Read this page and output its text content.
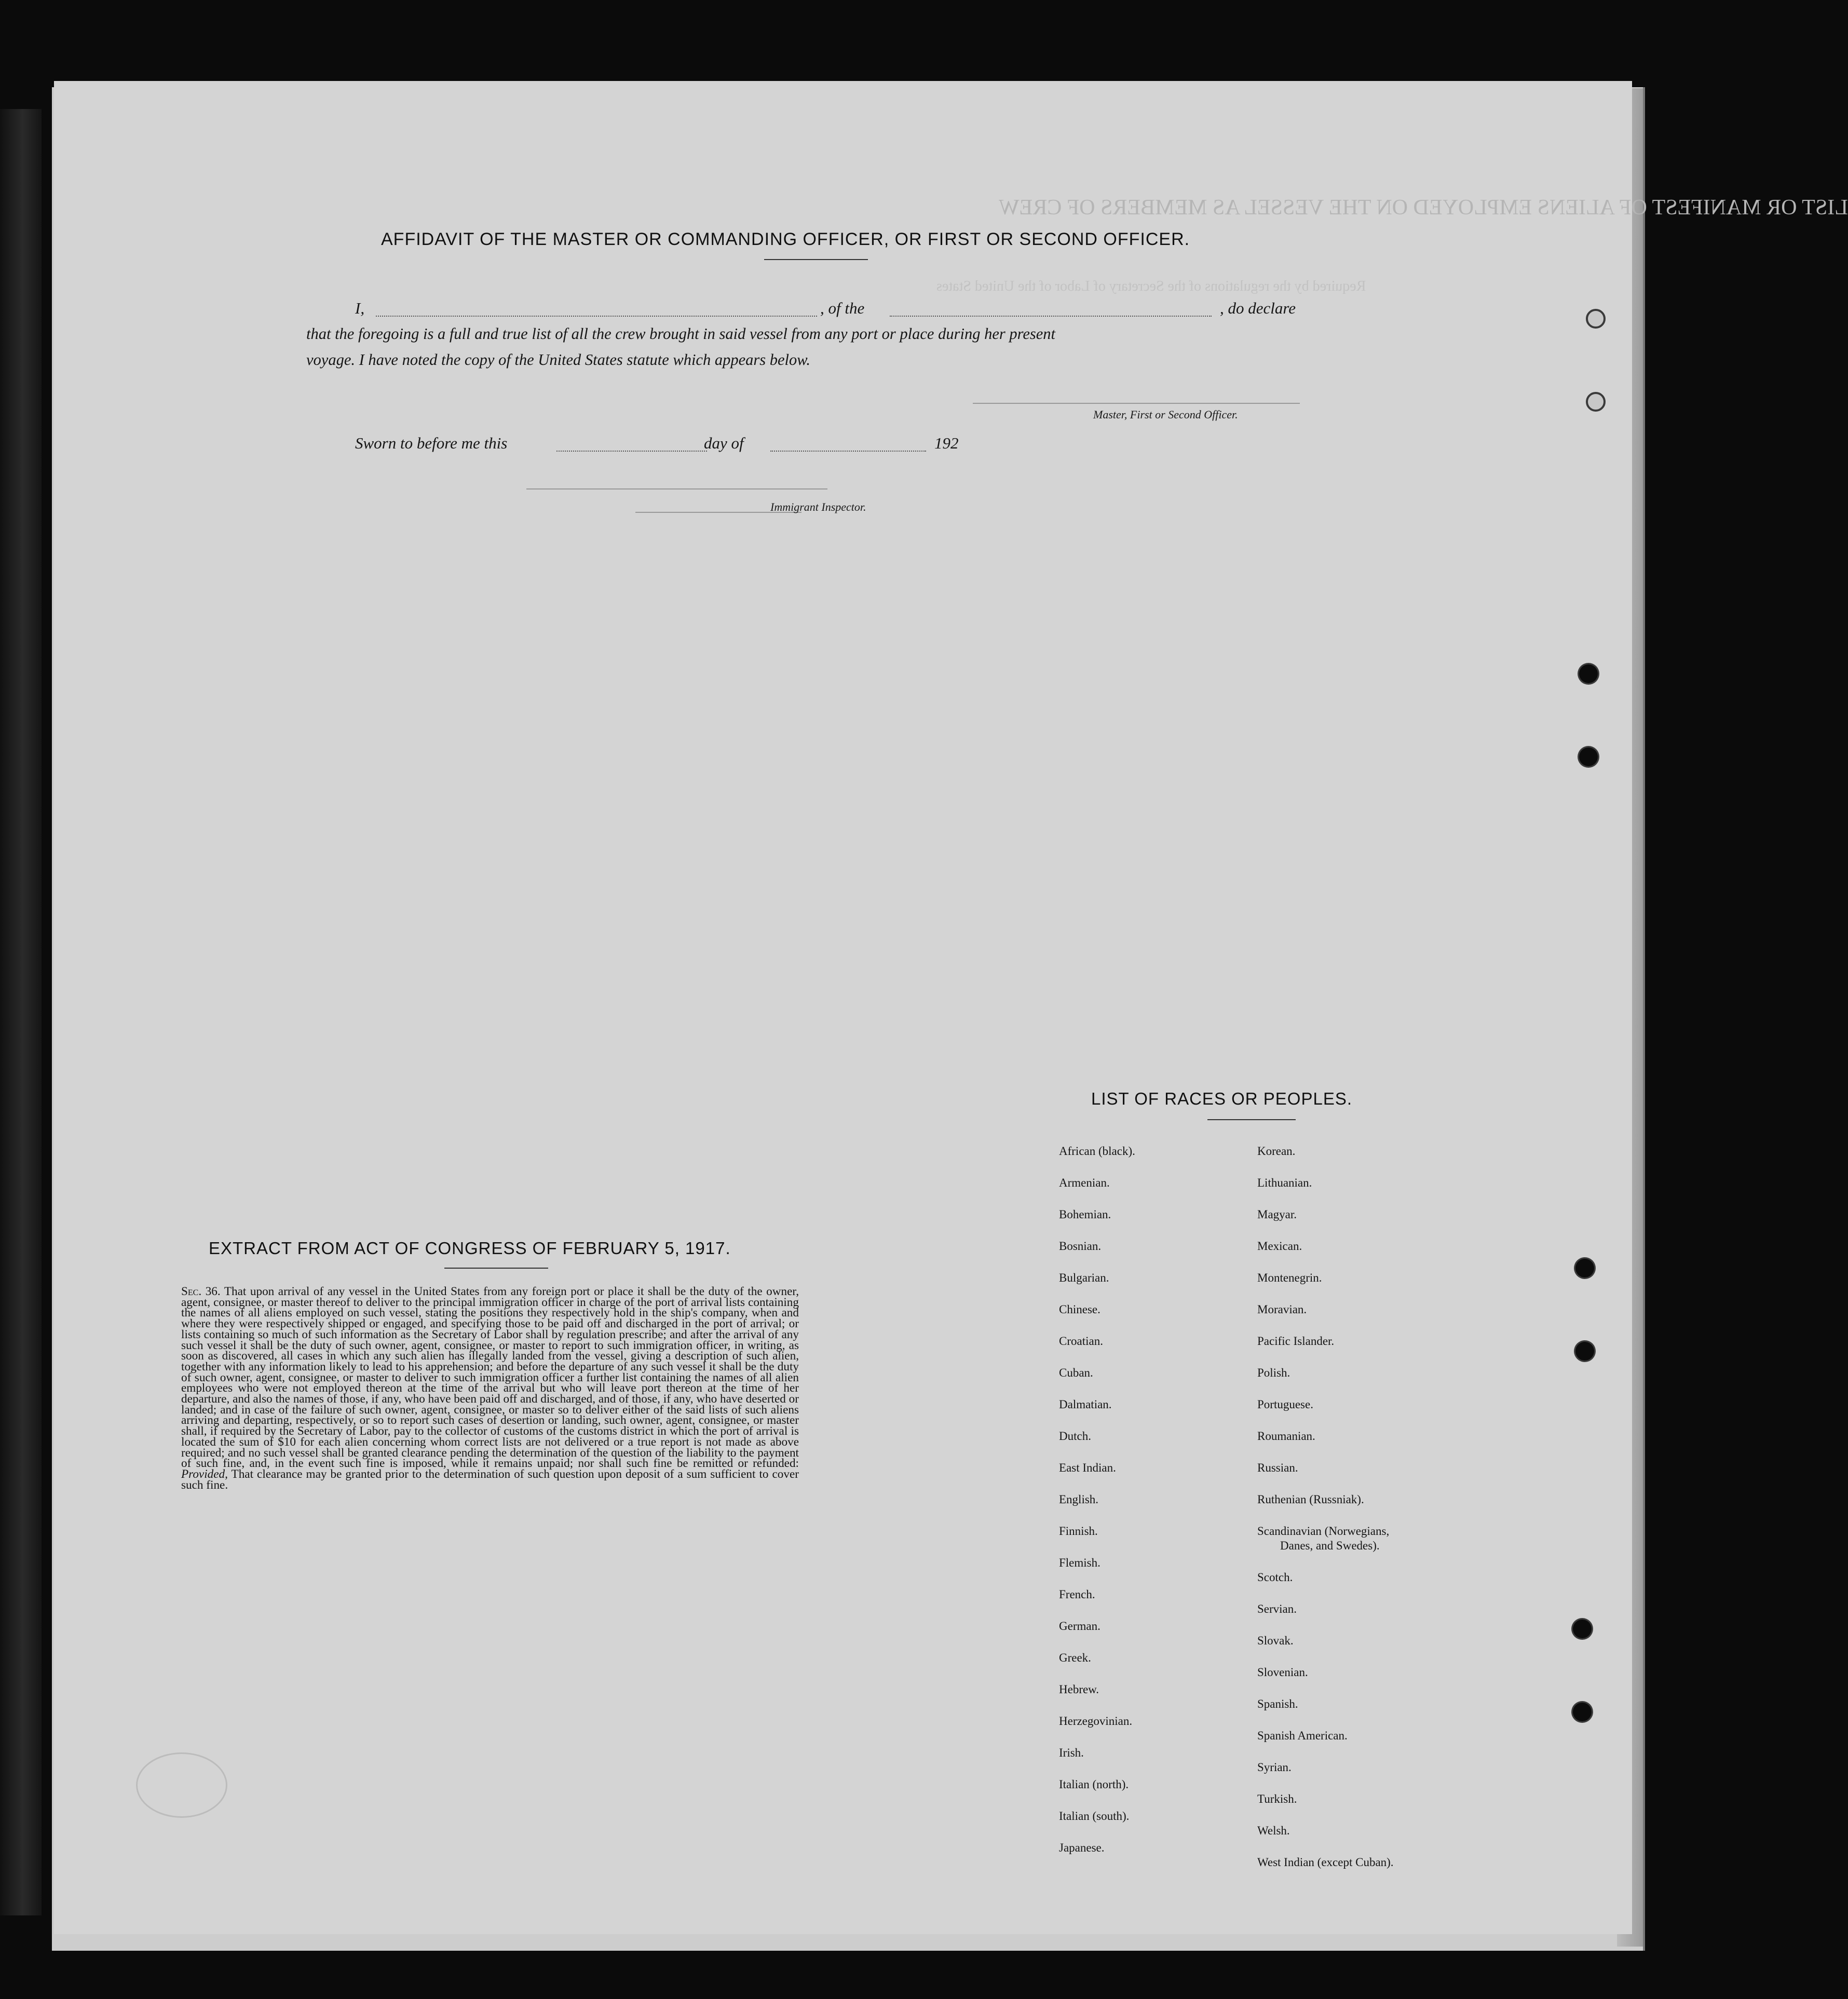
LIST OR MANIFEST OF ALIENS EMPLOYED ON THE VESSEL AS MEMBERS OF CREW
Required by the regulations of the Secretary of Labor of the United States
AFFIDAVIT OF THE MASTER OR COMMANDING OFFICER, OR FIRST OR SECOND OFFICER.
I,	, of the	, do declare
that the foregoing is a full and true list of all the crew brought in said vessel from any port or place during her present
voyage. I have noted the copy of the United States statute which appears below.
Master, First or Second Officer.
Sworn to before me this	day of	192
Immigrant Inspector.
EXTRACT FROM ACT OF CONGRESS OF FEBRUARY 5, 1917.
Sec. 36. That upon arrival of any vessel in the United States from any foreign port or place it shall be the duty of the owner, agent, consignee, or master thereof to deliver to the principal immigration officer in charge of the port of arrival lists containing the names of all aliens employed on such vessel, stating the positions they respectively hold in the ship's company, when and where they were respectively shipped or engaged, and specifying those to be paid off and discharged in the port of arrival; or lists containing so much of such information as the Secretary of Labor shall by regulation prescribe; and after the arrival of any such vessel it shall be the duty of such owner, agent, consignee, or master to report to such immigration officer, in writing, as soon as discovered, all cases in which any such alien has illegally landed from the vessel, giving a description of such alien, together with any information likely to lead to his apprehension; and before the departure of any such vessel it shall be the duty of such owner, agent, consignee, or master to deliver to such immigration officer a further list containing the names of all alien employees who were not employed thereon at the time of the arrival but who will leave port thereon at the time of her departure, and also the names of those, if any, who have been paid off and discharged, and of those, if any, who have deserted or landed; and in case of the failure of such owner, agent, consignee, or master so to deliver either of the said lists of such aliens arriving and departing, respectively, or so to report such cases of desertion or landing, such owner, agent, consignee, or master shall, if required by the Secretary of Labor, pay to the collector of customs of the customs district in which the port of arrival is located the sum of $10 for each alien concerning whom correct lists are not delivered or a true report is not made as above required; and no such vessel shall be granted clearance pending the determination of the question of the liability to the payment of such fine, and, in the event such fine is imposed, while it remains unpaid; nor shall such fine be remitted or refunded: Provided, That clearance may be granted prior to the determination of such question upon deposit of a sum sufficient to cover such fine.
LIST OF RACES OR PEOPLES.
African (black).
Armenian.
Bohemian.
Bosnian.
Bulgarian.
Chinese.
Croatian.
Cuban.
Dalmatian.
Dutch.
East Indian.
English.
Finnish.
Flemish.
French.
German.
Greek.
Hebrew.
Herzegovinian.
Irish.
Italian (north).
Italian (south).
Japanese.
Korean.
Lithuanian.
Magyar.
Mexican.
Montenegrin.
Moravian.
Pacific Islander.
Polish.
Portuguese.
Roumanian.
Russian.
Ruthenian (Russniak).
Scandinavian (Norwegians,
Danes, and Swedes).
Scotch.
Servian.
Slovak.
Slovenian.
Spanish.
Spanish American.
Syrian.
Turkish.
Welsh.
West Indian (except Cuban).
